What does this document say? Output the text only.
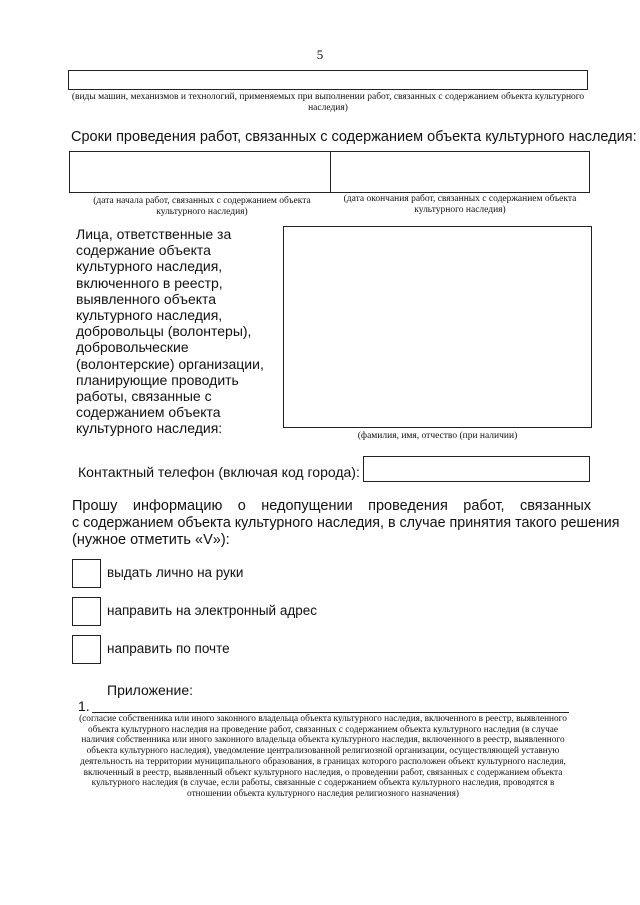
5
(виды машин, механизмов и технологий, применяемых при выполнении работ, связанных с содержанием объекта культурного наследия)
Сроки проведения работ, связанных с содержанием объекта культурного наследия:
(дата начала работ, связанных с содержанием объекта культурного наследия)
(дата окончания работ, связанных с содержанием объекта культурного наследия)
Лица, ответственные за содержание объекта культурного наследия, включенного в реестр, выявленного объекта культурного наследия, добровольцы (волонтеры), добровольческие (волонтерские) организации, планирующие проводить работы, связанные с содержанием объекта культурного наследия:	(фамилия, имя, отчество (при наличии)
Контактный телефон (включая код города):
Прошу информацию о недопущении проведения работ, связанных
с содержанием объекта культурного наследия, в случае принятия такого решения
(нужное отметить «V»):
выдать лично на руки
направить на электронный адрес
направить по почте
Приложение:
1.
(согласие собственника или иного законного владельца объекта культурного наследия, включенного в реестр, выявленного объекта культурного наследия на проведение работ, связанных с содержанием объекта культурного наследия (в случае наличия собственника или иного законного владельца объекта культурного наследия, включенного в реестр, выявленного объекта культурного наследия), уведомление централизованной религиозной организации, осуществляющей уставную деятельность на территории муниципального образования, в границах которого расположен объект культурного наследия, включенный в реестр, выявленный объект культурного наследия, о проведении работ, связанных с содержанием объекта культурного наследия (в случае, если работы, связанные с содержанием объекта культурного наследия, проводятся в отношении объекта культурного наследия религиозного назначения)
